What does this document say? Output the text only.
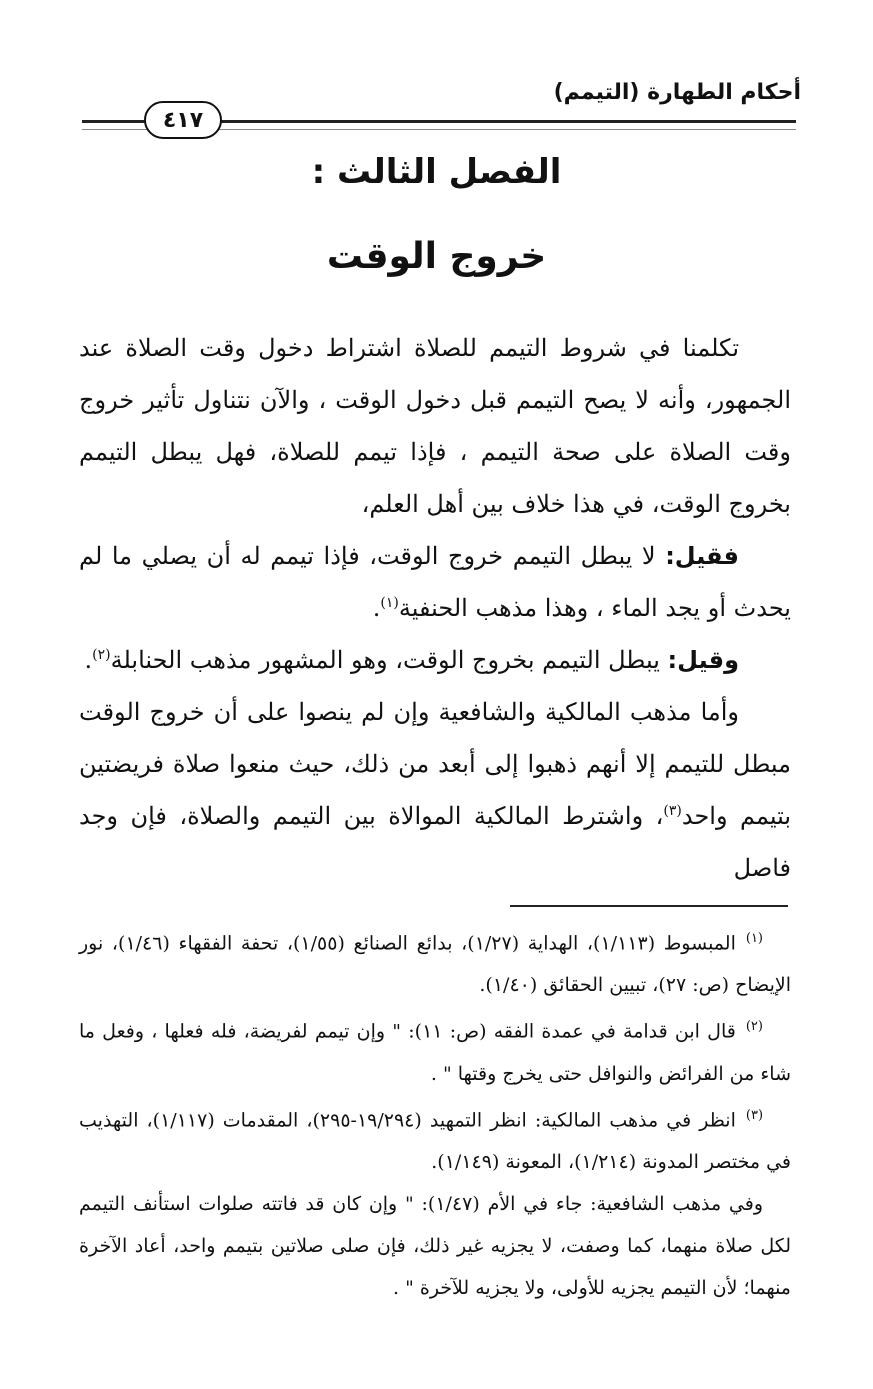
أحكام الطهارة (التيمم)
٤١٧
الفصل الثالث :
خروج الوقت

تكلمنا في شروط التيمم للصلاة اشتراط دخول وقت الصلاة عند الجمهور، وأنه لا يصح التيمم قبل دخول الوقت ، والآن نتناول تأثير خروج وقت الصلاة على صحة التيمم ، فإذا تيمم للصلاة، فهل يبطل التيمم بخروج الوقت، في هذا خلاف بين أهل العلم،

فقيل: لا يبطل التيمم خروج الوقت، فإذا تيمم له أن يصلي ما لم يحدث أو يجد الماء ، وهذا مذهب الحنفية$^{(١)}$.

وقيل: يبطل التيمم بخروج الوقت، وهو المشهور مذهب الحنابلة$^{(٢)}$.

وأما مذهب المالكية والشافعية وإن لم ينصوا على أن خروج الوقت مبطل للتيمم إلا أنهم ذهبوا إلى أبعد من ذلك، حيث منعوا صلاة فريضتين بتيمم واحد$^{(٣)}$، واشترط المالكية الموالاة بين التيمم والصلاة، فإن وجد فاصل

$^{(١)}$المبسوط (١/١١٣)، الهداية (١/٢٧)، بدائع الصنائع (١/٥٥)، تحفة الفقهاء (١/٤٦)، نور الإيضاح (ص: ٢٧)، تبيين الحقائق (١/٤٠).

$^{(٢)}$قال ابن قدامة في عمدة الفقه (ص: ١١): " وإن تيمم لفريضة، فله فعلها ، وفعل ما شاء من الفرائض والنوافل حتى يخرج وقتها " .

$^{(٣)}$انظر في مذهب المالكية: انظر التمهيد (١٩/٢٩٤-٢٩٥)، المقدمات (١/١١٧)، التهذيب في مختصر المدونة (١/٢١٤)، المعونة (١/١٤٩).

وفي مذهب الشافعية: جاء في الأم (١/٤٧): " وإن كان قد فاتته صلوات استأنف التيمم لكل صلاة منهما، كما وصفت، لا يجزيه غير ذلك، فإن صلى صلاتين بتيمم واحد، أعاد الآخرة منهما؛ لأن التيمم يجزيه للأولى، ولا يجزيه للآخرة " .
